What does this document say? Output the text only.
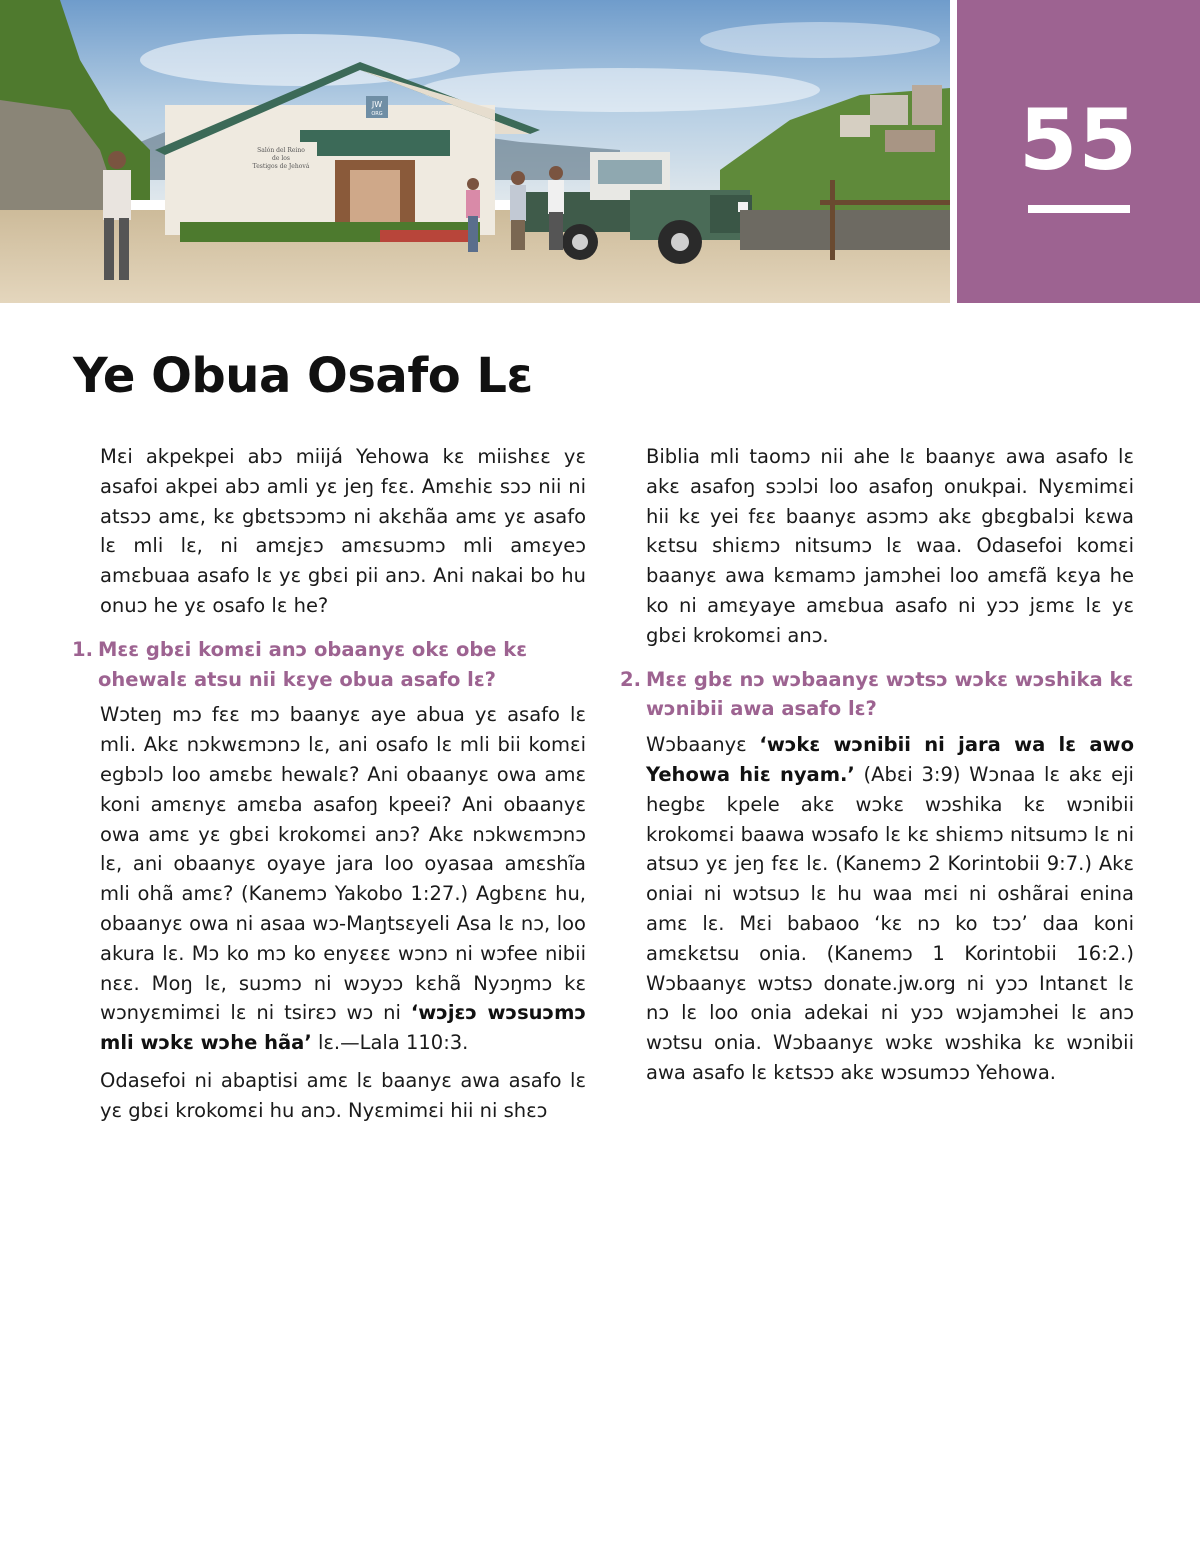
Salón del Reino
de los
Testigos de Jehová
JW
ORG	55
Ye Obua Osafo Lɛ

Mɛi akpekpei abɔ miijá Yehowa kɛ miishɛɛ yɛ asafoi akpei abɔ amli yɛ jeŋ fɛɛ. Amɛhiɛ sɔɔ nii ni atsɔɔ amɛ, kɛ gbɛtsɔɔmɔ ni akɛhãa amɛ yɛ asafo lɛ mli lɛ, ni amɛjɛɔ amɛsuɔmɔ mli amɛyeɔ amɛbuaa asafo lɛ yɛ gbɛi pii anɔ. Ani nakai bo hu onuɔ he yɛ osafo lɛ he?

1. Mɛɛ gbɛi komɛi anɔ obaanyɛ okɛ obe kɛ ohewalɛ atsu nii kɛye obua asafo lɛ?

Wɔteŋ mɔ fɛɛ mɔ baanyɛ aye abua yɛ asafo lɛ mli. Akɛ nɔkwɛmɔnɔ lɛ, ani osafo lɛ mli bii komɛi egbɔlɔ loo amɛbɛ hewalɛ? Ani obaanyɛ owa amɛ koni amɛnyɛ amɛba asafoŋ kpeei? Ani obaanyɛ owa amɛ yɛ gbɛi krokomɛi anɔ? Akɛ nɔkwɛmɔnɔ lɛ, ani obaanyɛ oyaye jara loo oyasaa amɛshĩa mli ohã amɛ? (Kanemɔ Yakobo 1:27.) Agbɛnɛ hu, obaanyɛ owa ni asaa wɔ-Maŋtsɛyeli Asa lɛ nɔ, loo akura lɛ. Mɔ ko mɔ ko enyɛɛɛ wɔnɔ ni wɔfee nibii nɛɛ. Moŋ lɛ, suɔmɔ ni wɔyɔɔ kɛhã Nyɔŋmɔ kɛ wɔnyɛmimɛi lɛ ni tsirɛɔ wɔ ni ‘wɔjɛɔ wɔsuɔmɔ mli wɔkɛ wɔhe hãa’ lɛ.—Lala 110:3.

Odasefoi ni abaptisi amɛ lɛ baanyɛ awa asafo lɛ yɛ gbɛi krokomɛi hu anɔ. Nyɛmimɛi hii ni shɛɔ

Biblia mli taomɔ nii ahe lɛ baanyɛ awa asafo lɛ akɛ asafoŋ sɔɔlɔi loo asafoŋ onukpai. Nyɛmimɛi hii kɛ yei fɛɛ baanyɛ asɔmɔ akɛ gbɛgbalɔi kɛwa kɛtsu shiɛmɔ nitsumɔ lɛ waa. Odasefoi komɛi baanyɛ awa kɛmamɔ jamɔhei loo amɛfã kɛya he ko ni amɛyaye amɛbua asafo ni yɔɔ jɛmɛ lɛ yɛ gbɛi krokomɛi anɔ.

2. Mɛɛ gbɛ nɔ wɔbaanyɛ wɔtsɔ wɔkɛ wɔshika kɛ wɔnibii awa asafo lɛ?

Wɔbaanyɛ ‘wɔkɛ wɔnibii ni jara wa lɛ awo Yehowa hiɛ nyam.’ (Abɛi 3:9) Wɔnaa lɛ akɛ eji hegbɛ kpele akɛ wɔkɛ wɔshika kɛ wɔnibii krokomɛi baawa wɔsafo lɛ kɛ shiɛmɔ nitsumɔ lɛ ni atsuɔ yɛ jeŋ fɛɛ lɛ. (Kanemɔ 2 Korintobii 9:7.) Akɛ oniai ni wɔtsuɔ lɛ hu waa mɛi ni oshãrai enina amɛ lɛ. Mɛi babaoo ‘kɛ nɔ ko tɔɔ’ daa koni amɛkɛtsu onia. (Kanemɔ 1 Korintobii 16:2.) Wɔbaanyɛ wɔtsɔ donate.jw.org ni yɔɔ Intanɛt lɛ nɔ lɛ loo onia adekai ni yɔɔ wɔjamɔhei lɛ anɔ wɔtsu onia. Wɔbaanyɛ wɔkɛ wɔshika kɛ wɔnibii awa asafo lɛ kɛtsɔɔ akɛ wɔsumɔɔ Yehowa.
